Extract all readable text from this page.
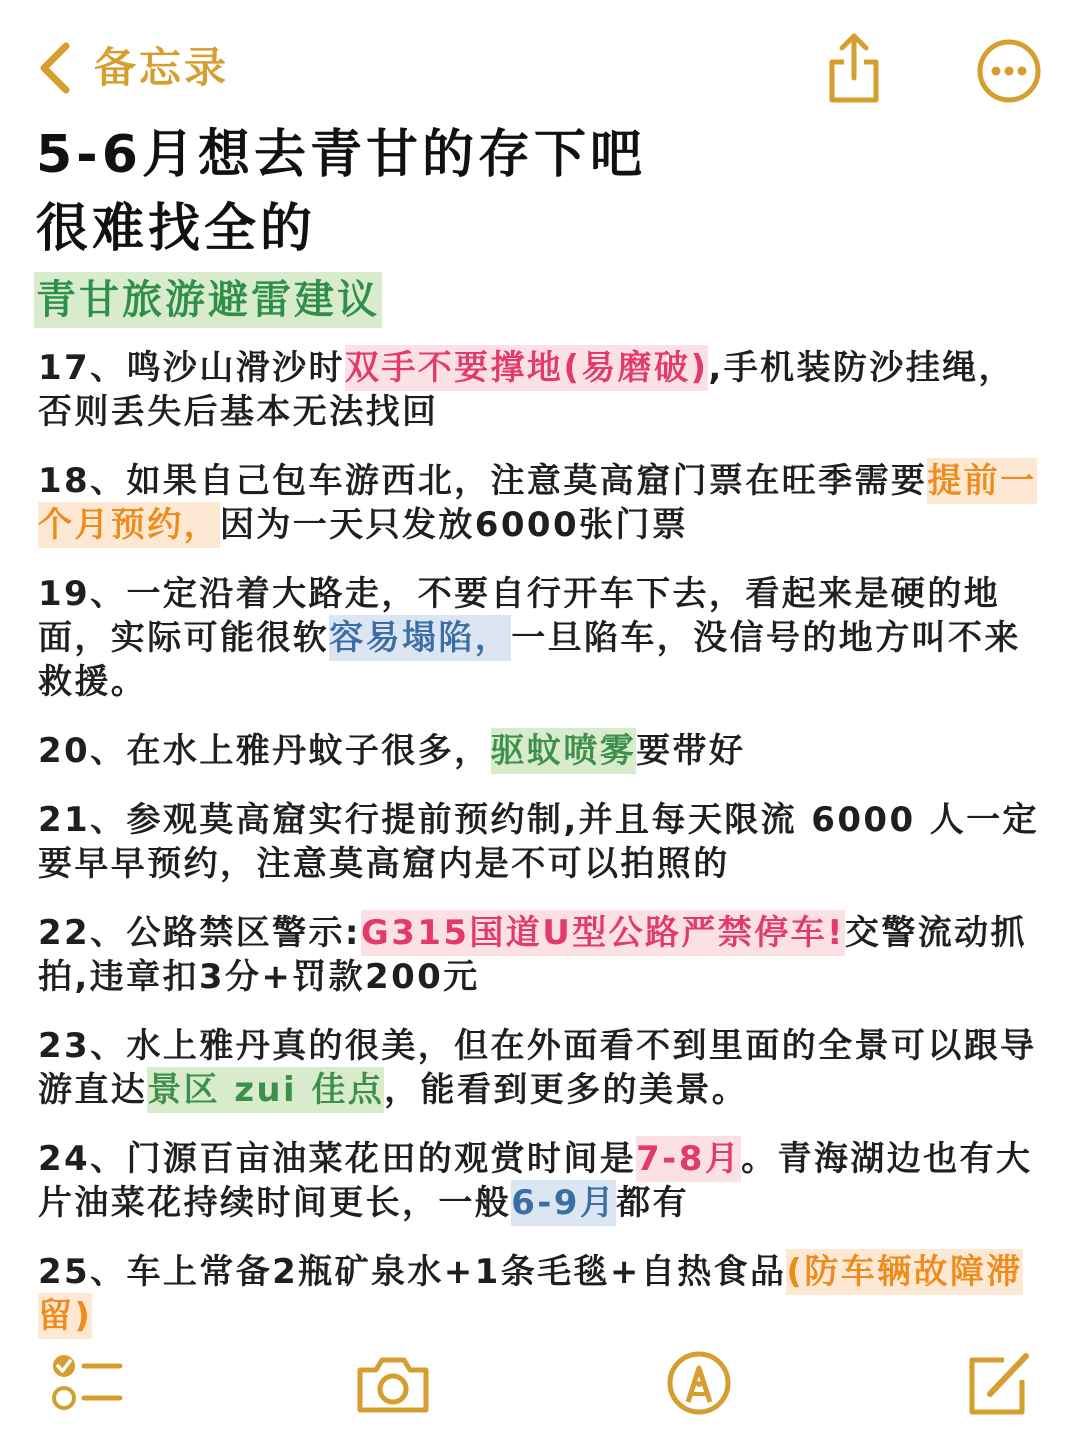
备忘录
5-6月想去青甘的存下吧
很难找全的
青甘旅游避雷建议
17、鸣沙山滑沙时双手不要撑地(易磨破),手机装防沙挂绳，否则丢失后基本无法找回
18、如果自己包车游西北，注意莫高窟门票在旺季需要提前一个月预约，因为一天只发放6000张门票
19、一定沿着大路走，不要自行开车下去，看起来是硬的地面，实际可能很软容易塌陷，一旦陷车，没信号的地方叫不来救援。
20、在水上雅丹蚊子很多，驱蚊喷雾要带好
21、参观莫高窟实行提前预约制,并且每天限流 6000 人一定要早早预约，注意莫高窟内是不可以拍照的
22、公路禁区警示:G315国道U型公路严禁停车!交警流动抓拍,违章扣3分+罚款200元
23、水上雅丹真的很美，但在外面看不到里面的全景可以跟导游直达景区 zui 佳点，能看到更多的美景。
24、门源百亩油菜花田的观赏时间是7-8月。青海湖边也有大片油菜花持续时间更长，一般6-9月都有
25、车上常备2瓶矿泉水+1条毛毯+自热食品(防车辆故障滞留)
